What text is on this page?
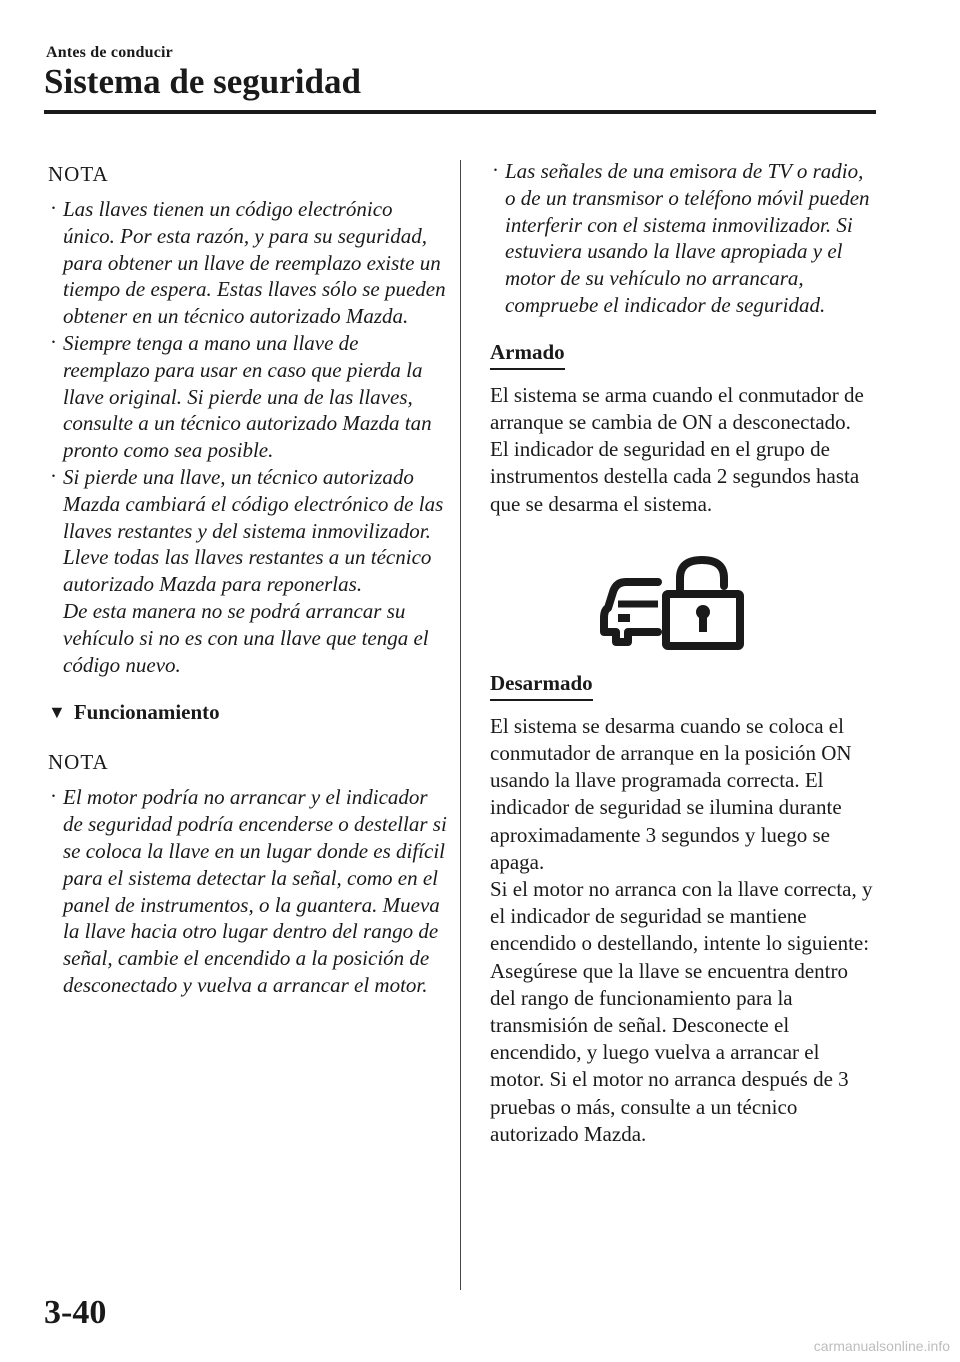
Antes de conducir
Sistema de seguridad

NOTA

· Las llaves tienen un código electrónico único. Por esta razón, y para su seguridad, para obtener un llave de reemplazo existe un tiempo de espera. Estas llaves sólo se pueden obtener en un técnico autorizado Mazda.
· Siempre tenga a mano una llave de reemplazo para usar en caso que pierda la llave original. Si pierde una de las llaves, consulte a un técnico autorizado Mazda tan pronto como sea posible.
· Si pierde una llave, un técnico autorizado Mazda cambiará el código electrónico de las llaves restantes y del sistema inmovilizador. Lleve todas las llaves restantes a un técnico autorizado Mazda para reponerlas.
De esta manera no se podrá arrancar su vehículo si no es con una llave que tenga el código nuevo.
▼ Funcionamiento

NOTA

· El motor podría no arrancar y el indicador de seguridad podría encenderse o destellar si se coloca la llave en un lugar donde es difícil para el sistema detectar la señal, como en el panel de instrumentos, o la guantera. Mueva la llave hacia otro lugar dentro del rango de señal, cambie el encendido a la posición de desconectado y vuelva a arrancar el motor.
· Las señales de una emisora de TV o radio, o de un transmisor o teléfono móvil pueden interferir con el sistema inmovilizador. Si estuviera usando la llave apropiada y el motor de su vehículo no arrancara, compruebe el indicador de seguridad.
Armado

El sistema se arma cuando el conmutador de arranque se cambia de ON a desconectado.
El indicador de seguridad en el grupo de instrumentos destella cada 2 segundos hasta que se desarma el sistema.

Desarmado

El sistema se desarma cuando se coloca el conmutador de arranque en la posición ON usando la llave programada correcta. El indicador de seguridad se ilumina durante aproximadamente 3 segundos y luego se apaga.
Si el motor no arranca con la llave correcta, y el indicador de seguridad se mantiene encendido o destellando, intente lo siguiente:
Asegúrese que la llave se encuentra dentro del rango de funcionamiento para la transmisión de señal. Desconecte el encendido, y luego vuelva a arrancar el motor. Si el motor no arranca después de 3 pruebas o más, consulte a un técnico autorizado Mazda.

3-40
carmanualsonline.info
